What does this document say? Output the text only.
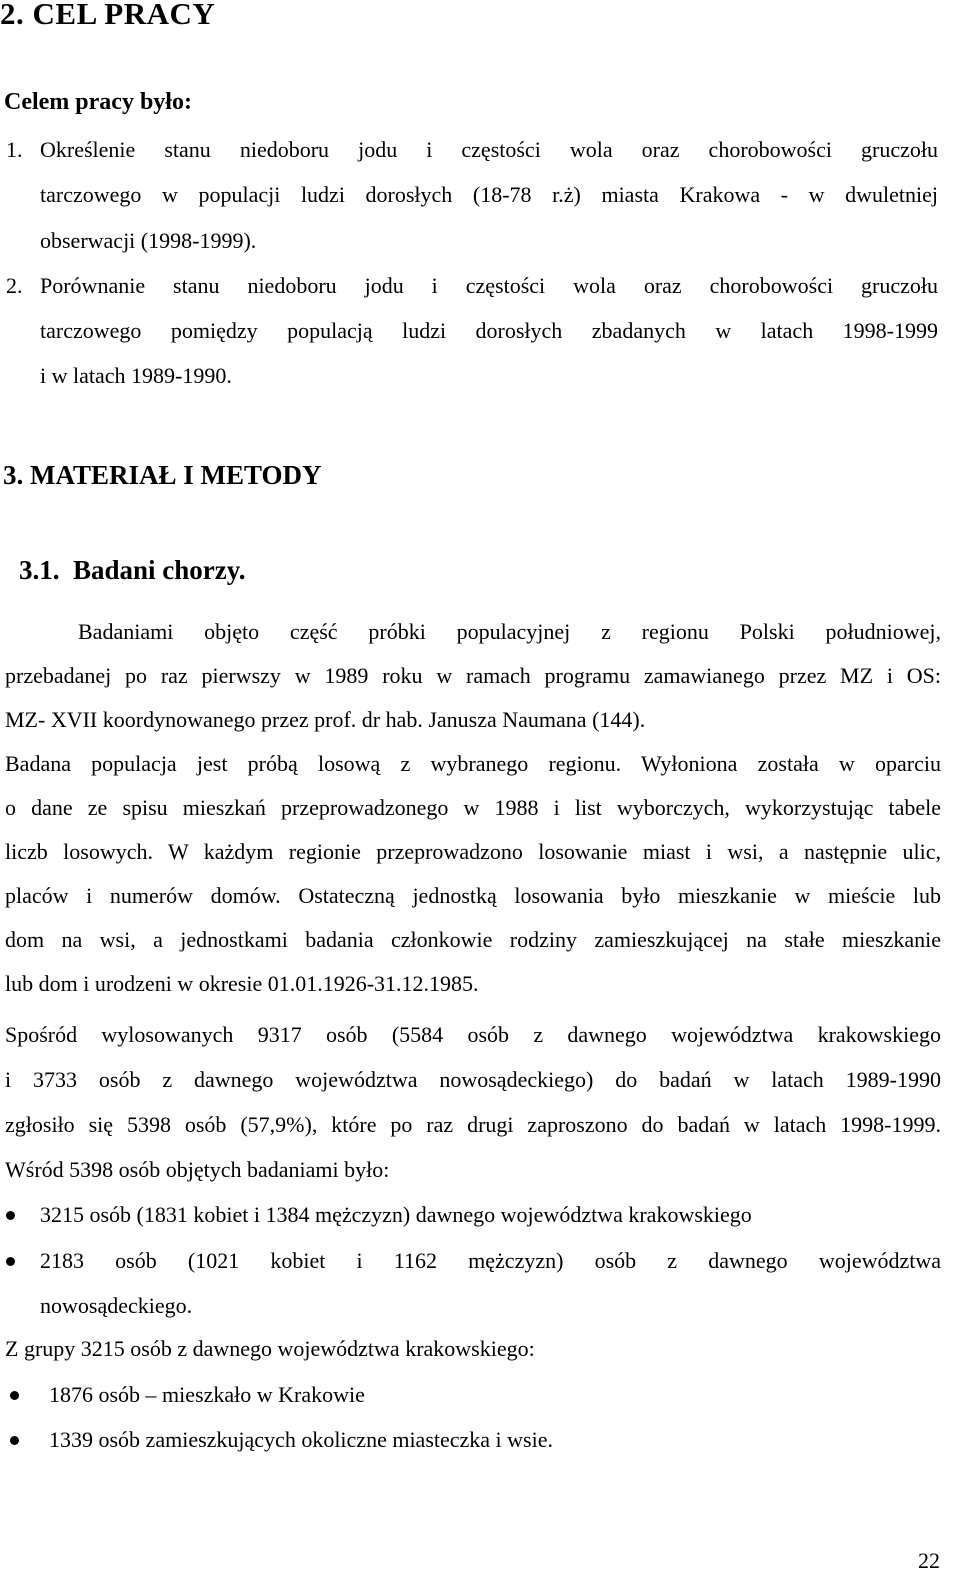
2. CEL PRACY

Celem pracy było:

1. Określenie stanu niedoboru jodu i częstości wola oraz chorobowości gruczołu

tarczowego w populacji ludzi dorosłych (18-78 r.ż) miasta Krakowa - w dwuletniej

obserwacji (1998-1999).

2. Porównanie stanu niedoboru jodu i częstości wola oraz chorobowości gruczołu

tarczowego pomiędzy populacją ludzi dorosłych zbadanych w latach 1998-1999

i w latach 1989-1990.

3. MATERIAŁ I METODY
3.1.  Badani chorzy.

Badaniami objęto część próbki populacyjnej z regionu Polski południowej,

przebadanej po raz pierwszy w 1989 roku w ramach programu zamawianego przez MZ i OS:

MZ- XVII koordynowanego przez prof. dr hab. Janusza Naumana (144).

Badana populacja jest próbą losową z wybranego regionu. Wyłoniona została w oparciu

o dane ze spisu mieszkań przeprowadzonego w 1988 i list wyborczych, wykorzystując tabele

liczb losowych. W każdym regionie przeprowadzono losowanie miast i wsi, a następnie ulic,

placów i numerów domów. Ostateczną jednostką losowania było mieszkanie w mieście lub

dom na wsi, a jednostkami badania członkowie rodziny zamieszkującej na stałe mieszkanie

lub dom i urodzeni w okresie 01.01.1926-31.12.1985.

Spośród wylosowanych 9317 osób (5584 osób z dawnego województwa krakowskiego

i 3733 osób z dawnego województwa nowosądeckiego) do badań w latach 1989-1990

zgłosiło się 5398 osób (57,9%), które po raz drugi zaproszono do badań w latach 1998-1999.

Wśród 5398 osób objętych badaniami było:

3215 osób (1831 kobiet i 1384 mężczyzn) dawnego województwa krakowskiego

2183 osób (1021 kobiet i 1162 mężczyzn) osób z dawnego województwa

nowosądeckiego.

Z grupy 3215 osób z dawnego województwa krakowskiego:

1876 osób – mieszkało w Krakowie

1339 osób zamieszkujących okoliczne miasteczka i wsie.

22
